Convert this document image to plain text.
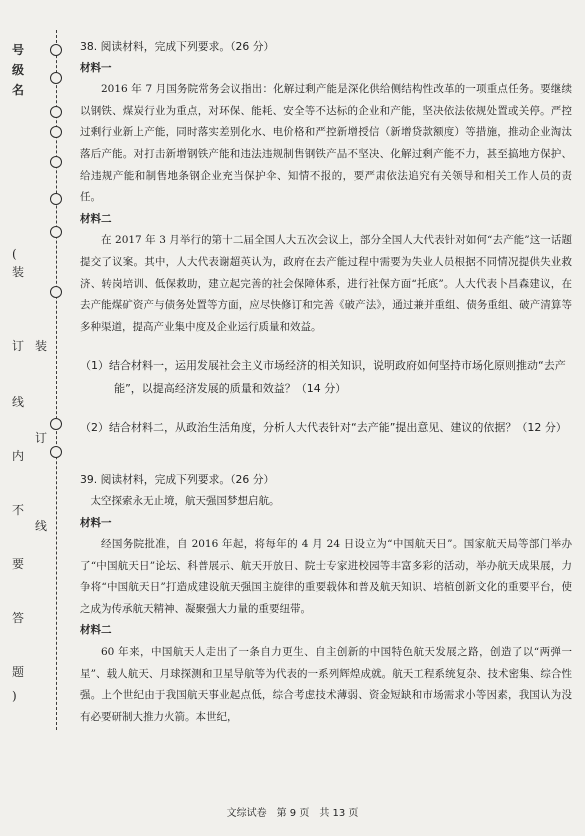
号
级
名
(
装
订
线
内
不
要
答
题
)
装
订
线
38. 阅读材料，完成下列要求。（26 分）
材料一
2016 年 7 月国务院常务会议指出：化解过剩产能是深化供给侧结构性改革的一项重点任务。要继续以钢铁、煤炭行业为重点，对环保、能耗、安全等不达标的企业和产能，坚决依法依规处置或关停。严控过剩行业新上产能，同时落实差别化水、电价格和严控新增授信（新增贷款额度）等措施，推动企业淘汰落后产能。对打击新增钢铁产能和违法违规制售钢铁产品不坚决、化解过剩产能不力，甚至搞地方保护、给违规产能和制售地条钢企业充当保护伞、知情不报的，要严肃依法追究有关领导和相关工作人员的责任。
材料二
在 2017 年 3 月举行的第十二届全国人大五次会议上，部分全国人大代表针对如何“去产能”这一话题提交了议案。其中，人大代表谢超英认为，政府在去产能过程中需要为失业人员根据不同情况提供失业救济、转岗培训、低保救助，建立起完善的社会保障体系，进行社保方面“托底”。人大代表卜昌森建议，在去产能煤矿资产与债务处置等方面，应尽快修订和完善《破产法》，通过兼并重组、债务重组、破产清算等多种渠道，提高产业集中度及企业运行质量和效益。
（1）结合材料一，运用发展社会主义市场经济的相关知识，说明政府如何坚持市场化原则推动“去产能”，以提高经济发展的质量和效益？（14 分）
（2）结合材料二，从政治生活角度，分析人大代表针对“去产能”提出意见、建议的依据？（12 分）
39. 阅读材料，完成下列要求。（26 分）
太空探索永无止境，航天强国梦想启航。
材料一
经国务院批准，自 2016 年起，将每年的 4 月 24 日设立为“中国航天日”。国家航天局等部门举办了“中国航天日”论坛、科普展示、航天开放日、院士专家进校园等丰富多彩的活动，举办航天成果展，力争将“中国航天日”打造成建设航天强国主旋律的重要载体和普及航天知识、培植创新文化的重要平台，使之成为传承航天精神、凝聚强大力量的重要纽带。
材料二
60 年来，中国航天人走出了一条自力更生、自主创新的中国特色航天发展之路，创造了以“两弹一星”、载人航天、月球探测和卫星导航等为代表的一系列辉煌成就。航天工程系统复杂、技术密集、综合性强。上个世纪由于我国航天事业起点低，综合考虑技术薄弱、资金短缺和市场需求小等因素，我国认为没有必要研制大推力火箭。本世纪，
文综试卷　第 9 页　共 13 页
